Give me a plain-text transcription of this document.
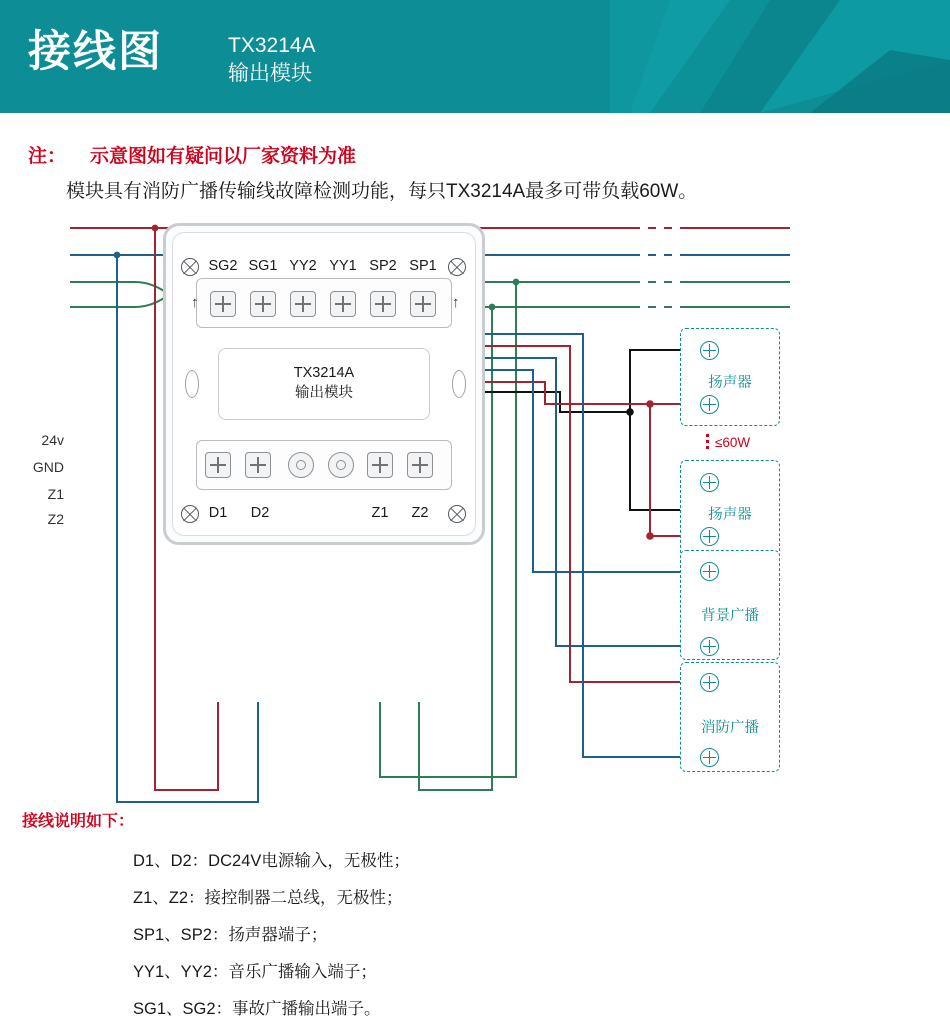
接线图	TX3214A
输出模块
注： 示意图如有疑问以厂家资料为准
模块具有消防广播传输线故障检测功能，每只TX3214A最多可带负载60W。
24v
GND
Z1
Z2
SG2 SG1 YY2 YY1 SP2 SP1
↑	↑
TX3214A
输出模块
D1	D2	Z1	Z2
扬声器
≤60W
扬声器
背景广播
消防广播
接线说明如下：
D1、D2：DC24V电源输入，无极性；
Z1、Z2：接控制器二总线，无极性；
SP1、SP2：扬声器端子；
YY1、YY2：音乐广播输入端子；
SG1、SG2：事故广播输出端子。
